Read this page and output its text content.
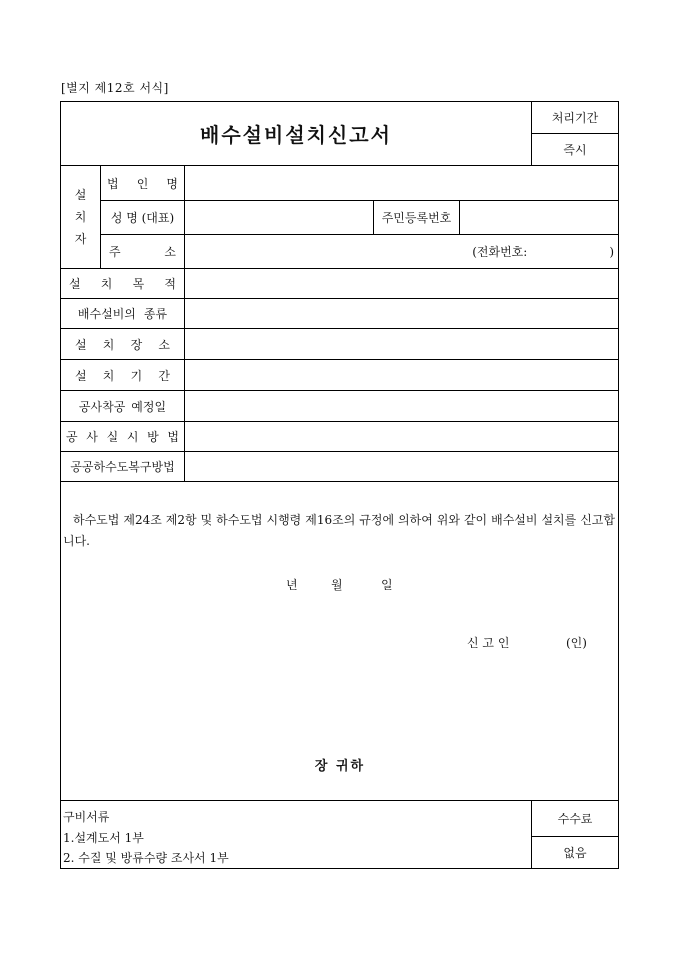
[별지 제12호 서식]
배수설비설치신고서
처리기간
즉시
설
치
자
법 인 명
성 명 (대표)	주민등록번호
주	소	(전화번호:	)
설 치 목 적
배수설비의 종류
설 치 장 소
설 치 기 간
공사착공 예정일
공 사 실 시 방 법
공공하수도복구방법
하수도법 제24조 제2항 및 하수도법 시행령 제16조의 규정에 의하여 위와 같이 배수설비 설치를 신고합니다.
년	월	일
신 고 인	(인)
장 귀하
구비서류
1.설계도서 1부
2. 수질 및 방류수량 조사서 1부
수수료
없음
